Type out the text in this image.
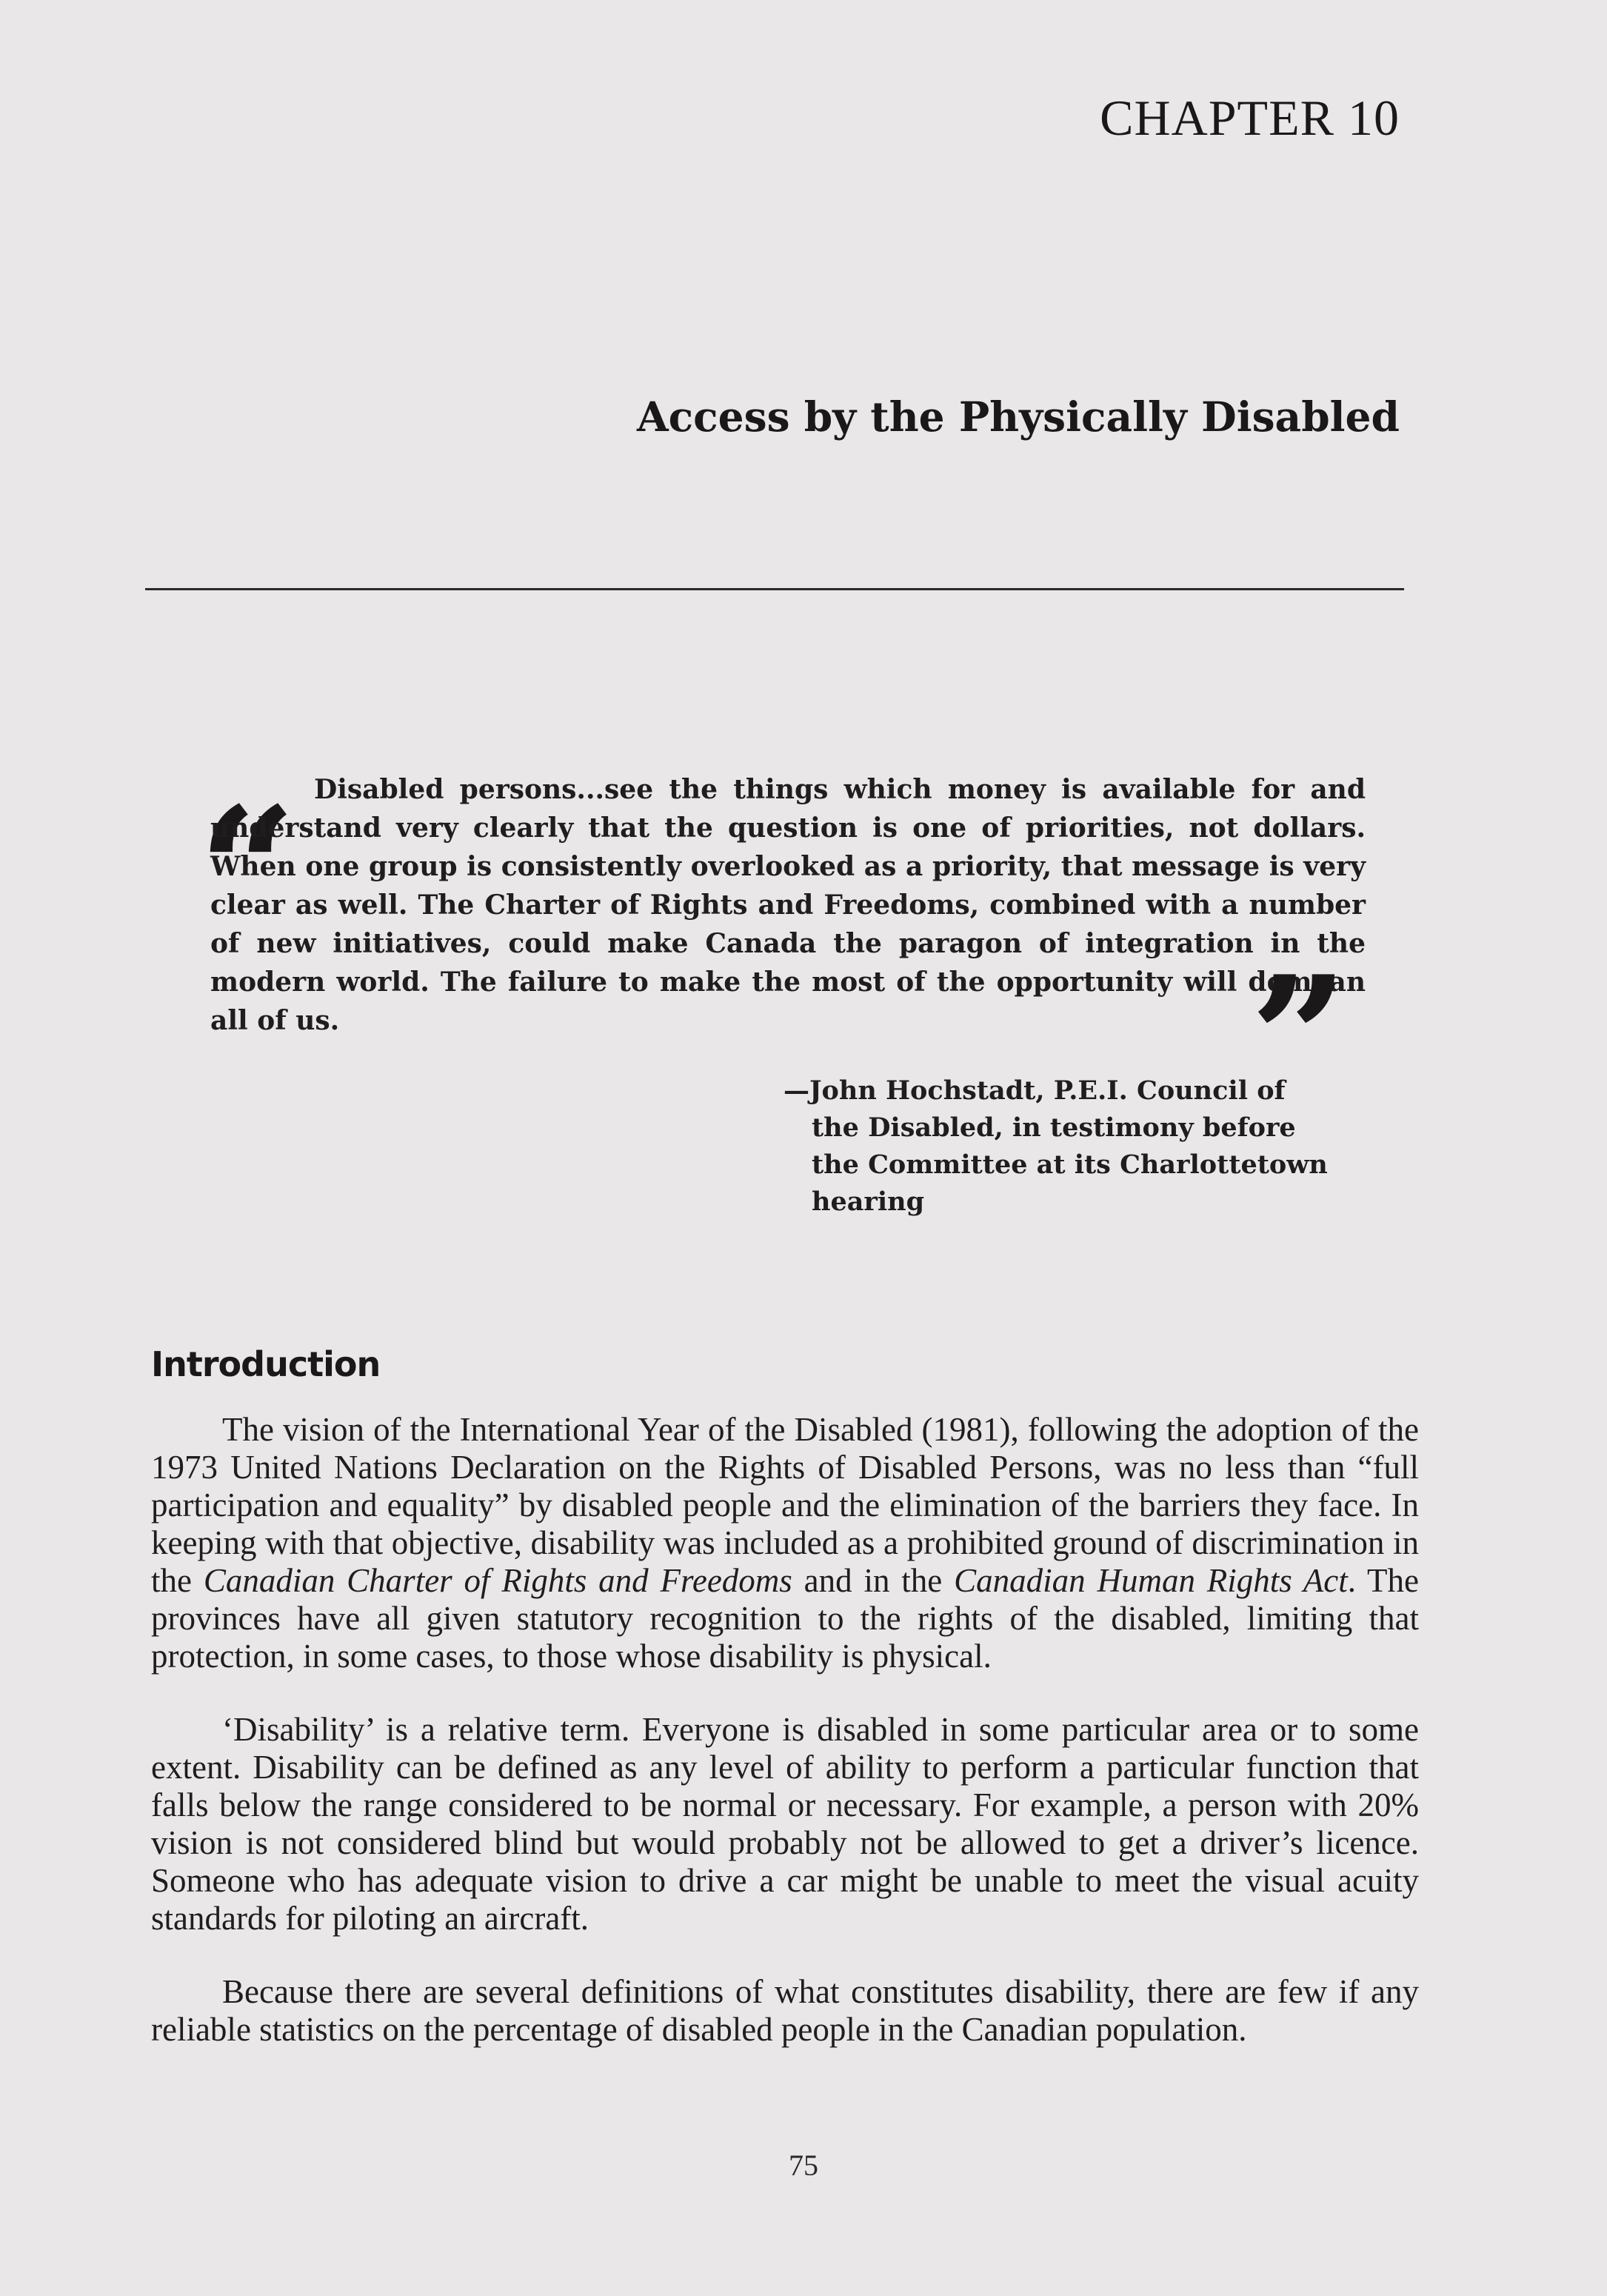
CHAPTER 10
Access by the Physically Disabled
“ Disabled persons...see the things which money is available for and understand very clearly that the question is one of priorities, not dollars. When one group is consistently overlooked as a priority, that message is very clear as well. The Charter of Rights and Freedoms, combined with a number of new initiatives, could make Canada the paragon of integration in the modern world. The failure to make the most of the opportunity will demean all of us.	”
—John Hochstadt, P.E.I. Council of
the Disabled, in testimony before
the Committee at its Charlottetown
hearing
Introduction

The vision of the International Year of the Disabled (1981), following the adoption of the 1973 United Nations Declaration on the Rights of Disabled Persons, was no less than “full participation and equality” by disabled people and the elimination of the barriers they face. In keeping with that objective, disability was included as a prohibited ground of discrimination in the Canadian Charter of Rights and Freedoms and in the Canadian Human Rights Act. The provinces have all given statutory recognition to the rights of the disabled, limiting that protection, in some cases, to those whose disability is physical.

‘Disability’ is a relative term. Everyone is disabled in some particular area or to some extent. Disability can be defined as any level of ability to perform a particular function that falls below the range considered to be normal or necessary. For example, a person with 20% vision is not considered blind but would probably not be allowed to get a driver’s licence. Someone who has adequate vision to drive a car might be unable to meet the visual acuity standards for piloting an aircraft.

Because there are several definitions of what constitutes disability, there are few if any reliable statistics on the percentage of disabled people in the Canadian population.

75
